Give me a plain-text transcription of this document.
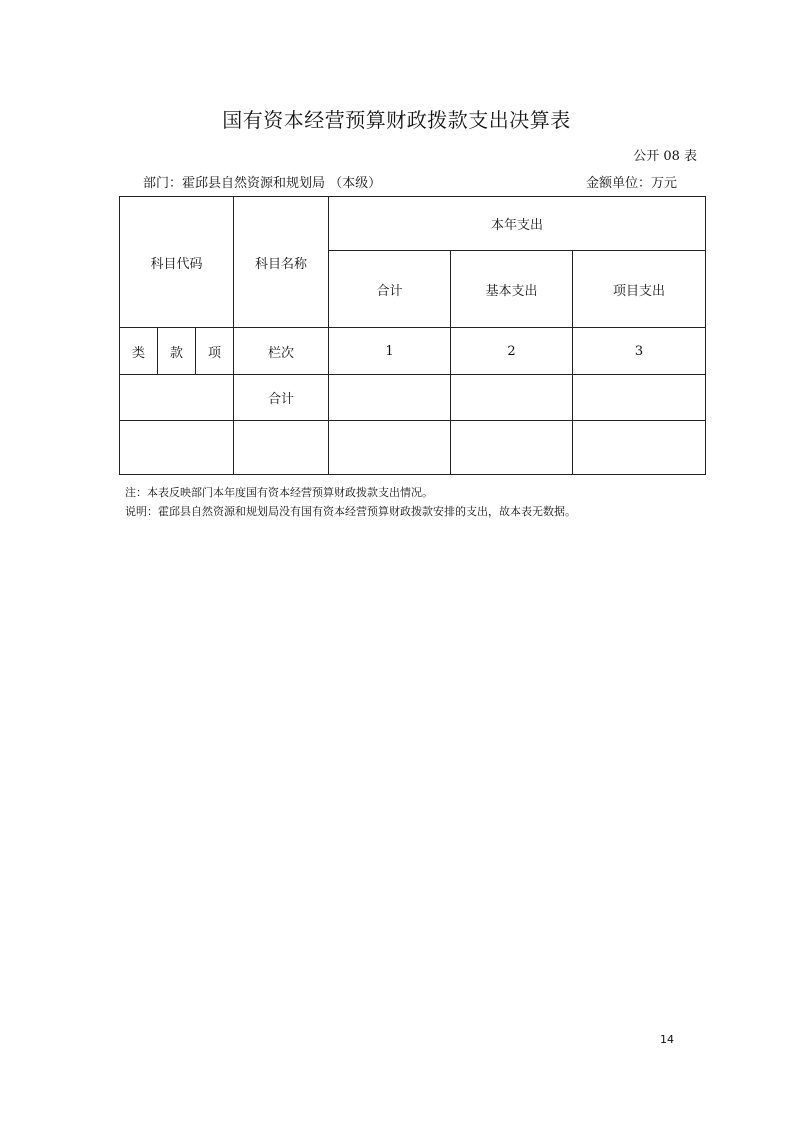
国有资本经营预算财政拨款支出决算表
公开 08 表
部门：霍邱县自然资源和规划局 （本级）	金额单位：万元
科目代码			科目名称	本年支出		
				合计	基本支出	项目支出
类	款	项	栏次	1	2	3
			合计			

注：本表反映部门本年度国有资本经营预算财政拨款支出情况。
说明：霍邱县自然资源和规划局没有国有资本经营预算财政拨款安排的支出，故本表无数据。
14
